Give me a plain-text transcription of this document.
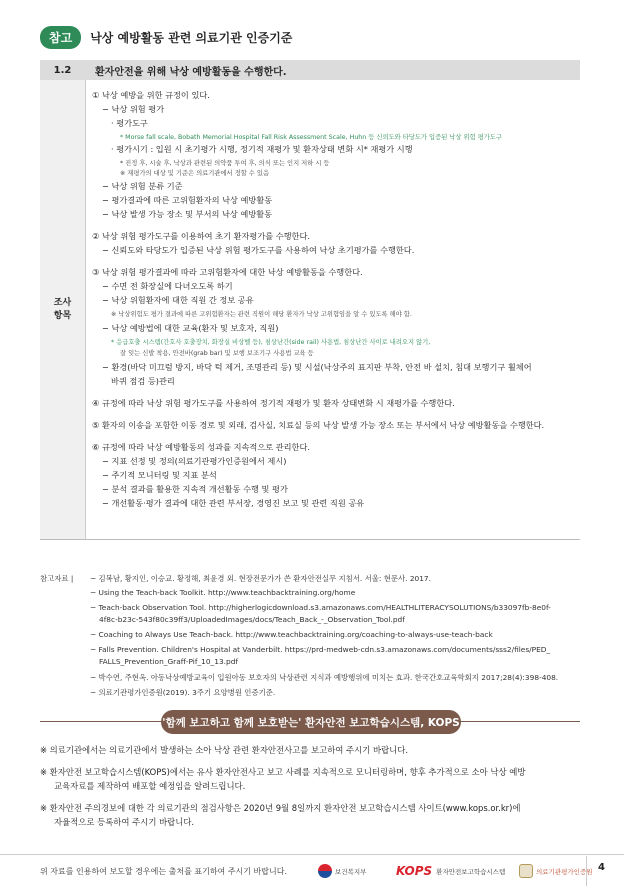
참고	낙상 예방활동 관련 의료기관 인증기준
1.2	환자안전을 위해 낙상 예방활동을 수행한다.
조사
항목
① 낙상 예방을 위한 규정이 있다.
− 낙상 위험 평가
· 평가도구
* Morse fall scale, Bobath Memorial Hospital Fall Risk Assessment Scale, Huhn 등 신뢰도와 타당도가 입증된 낙상 위험 평가도구
· 평가시기 : 입원 시 초기평가 시행, 정기적 재평가 및 환자상태 변화 시* 재평가 시행
* 진정 후, 시술 후, 낙상과 관련된 의약품 투여 후, 의식 또는 인지 저하 시 등
※ 재평가의 대상 및 기준은 의료기관에서 정할 수 있음
− 낙상 위험 분류 기준
− 평가결과에 따른 고위험환자의 낙상 예방활동
− 낙상 발생 가능 장소 및 부서의 낙상 예방활동
② 낙상 위험 평가도구를 이용하여 초기 환자평가를 수행한다.
− 신뢰도와 타당도가 입증된 낙상 위험 평가도구를 사용하여 낙상 초기평가를 수행한다.
③ 낙상 위험 평가결과에 따라 고위험환자에 대한 낙상 예방활동을 수행한다.
− 수면 전 화장실에 다녀오도록 하기
− 낙상 위험환자에 대한 직원 간 정보 공유
※ 낙상위험도 평가 결과에 따른 고위험환자는 관련 직원이 해당 환자가 낙상 고위험임을 알 수 있도록 해야 함.
− 낙상 예방법에 대한 교육(환자 및 보호자, 직원)
* 응급호출 시스템(간호사 호출장치, 화장실 비상벨 등), 침상난간(side rail) 사용법, 침상난간 사이로 내려오지 않기,
잘 잊는 신발 착용, 안전바(grab bar) 및 보행 보조기구 사용법 교육 등
− 환경(바닥 미끄럼 방지, 바닥 턱 제거, 조명관리 등) 및 시설(낙상주의 표지판 부착, 안전 바 설치, 침대 보행기구 휠체어
바퀴 점검 등)관리
④ 규정에 따라 낙상 위험 평가도구를 사용하여 정기적 재평가 및 환자 상태변화 시 재평가를 수행한다.
⑤ 환자의 이송을 포함한 이동 경로 및 외래, 검사실, 치료실 등의 낙상 발생 가능 장소 또는 부서에서 낙상 예방활동을 수행한다.
⑥ 규정에 따라 낙상 예방활동의 성과를 지속적으로 관리한다.
− 지표 선정 및 정의(의료기관평가인증원에서 제시)
− 주기적 모니터링 및 지표 분석
− 분석 결과를 활용한 지속적 개선활동 수행 및 평가
− 개선활동·평가 결과에 대한 관련 부서장, 경영진 보고 및 관련 직원 공유
참고자료 | − 김복남, 황지인, 이승교. 황정해, 최윤경 외. 현장전문가가 쓴 환자안전실무 지침서. 서울: 현문사. 2017.
− Using the Teach-back Toolkit. http://www.teachbacktraining.org/home
− Teach-back Observation Tool. http://higherlogicdownload.s3.amazonaws.com/HEALTHLITERACYSOLUTIONS/b33097fb-8e0f-
4f8c-b23c-543f80c39ff3/UploadedImages/docs/Teach_Back_-_Observation_Tool.pdf
− Coaching to Always Use Teach-back. http://www.teachbacktraining.org/coaching-to-always-use-teach-back
− Falls Prevention. Children's Hospital at Vanderbilt. https://prd-medweb-cdn.s3.amazonaws.com/documents/sss2/files/PED_
FALLS_Prevention_Graff-Pif_10_13.pdf
− 박수연, 주현옥. 아동낙상예방교육이 입원아동 보호자의 낙상관련 지식과 예방행위에 미치는 효과. 한국간호교육학회지 2017;28(4):398-408.
− 의료기관평가인증원(2019). 3주기 요양병원 인증기준.
'함께 보고하고 함께 보호받는' 환자안전 보고학습시스템, KOPS
※ 의료기관에서는 의료기관에서 발생하는 소아 낙상 관련 환자안전사고를 보고하여 주시기 바랍니다.
※ 환자안전 보고학습시스템(KOPS)에서는 유사 환자안전사고 보고 사례를 지속적으로 모니터링하며, 향후 추가적으로 소아 낙상 예방
교육자료를 제작하여 배포할 예정임을 알려드립니다.
※ 환자안전 주의경보에 대한 각 의료기관의 점검사항은 2020년 9월 8일까지 환자안전 보고학습시스템 사이트(www.kops.or.kr)에
자율적으로 등록하여 주시기 바랍니다.
위 자료를 인용하여 보도할 경우에는 출처를 표기하여 주시기 바랍니다.	보건복지부 KOPS 환자안전보고학습시스템	의료기관평가인증원 4
